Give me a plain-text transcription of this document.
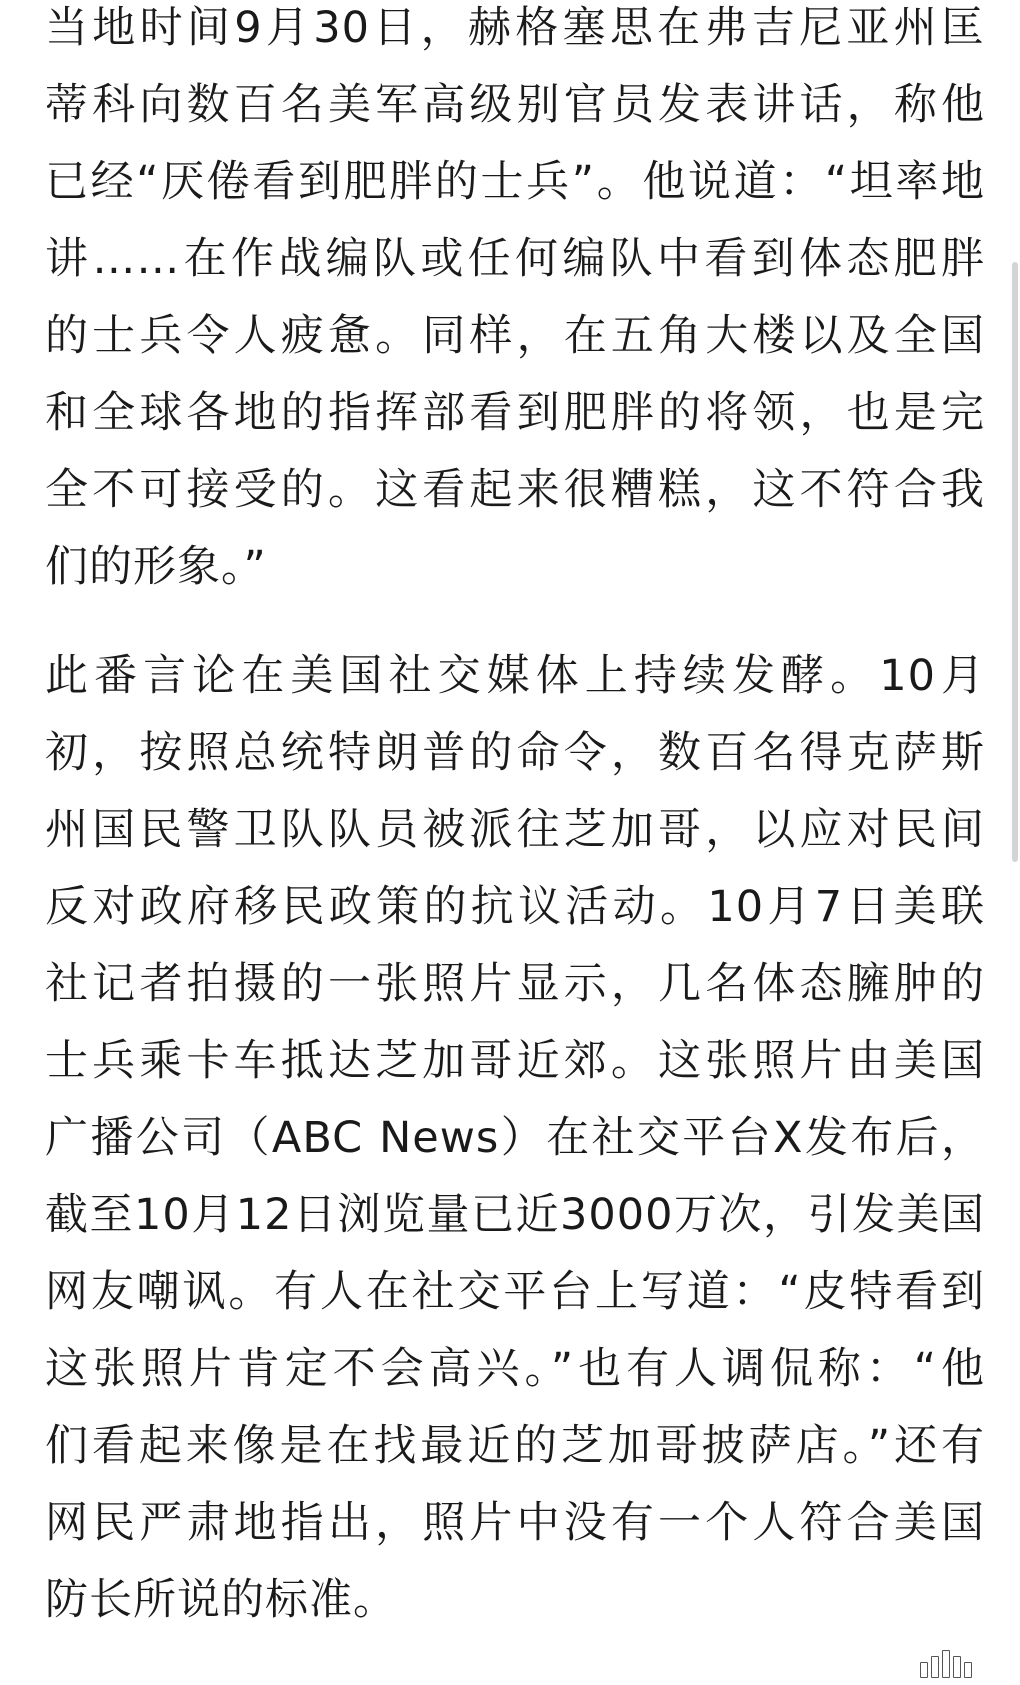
当地时间9月30日，赫格塞思在弗吉尼亚州匡
蒂科向数百名美军高级别官员发表讲话，称他
已经“厌倦看到肥胖的士兵”。他说道：“坦率地
讲……在作战编队或任何编队中看到体态肥胖
的士兵令人疲惫。同样，在五角大楼以及全国
和全球各地的指挥部看到肥胖的将领，也是完
全不可接受的。这看起来很糟糕，这不符合我
们的形象。”
此番言论在美国社交媒体上持续发酵。10月
初，按照总统特朗普的命令，数百名得克萨斯
州国民警卫队队员被派往芝加哥，以应对民间
反对政府移民政策的抗议活动。10月7日美联
社记者拍摄的一张照片显示，几名体态臃肿的
士兵乘卡车抵达芝加哥近郊。这张照片由美国
广播公司（ABC News）在社交平台X发布后，
截至10月12日浏览量已近3000万次，引发美国
网友嘲讽。有人在社交平台上写道：“皮特看到
这张照片肯定不会高兴。”也有人调侃称：“他
们看起来像是在找最近的芝加哥披萨店。”还有
网民严肃地指出，照片中没有一个人符合美国
防长所说的标准。
